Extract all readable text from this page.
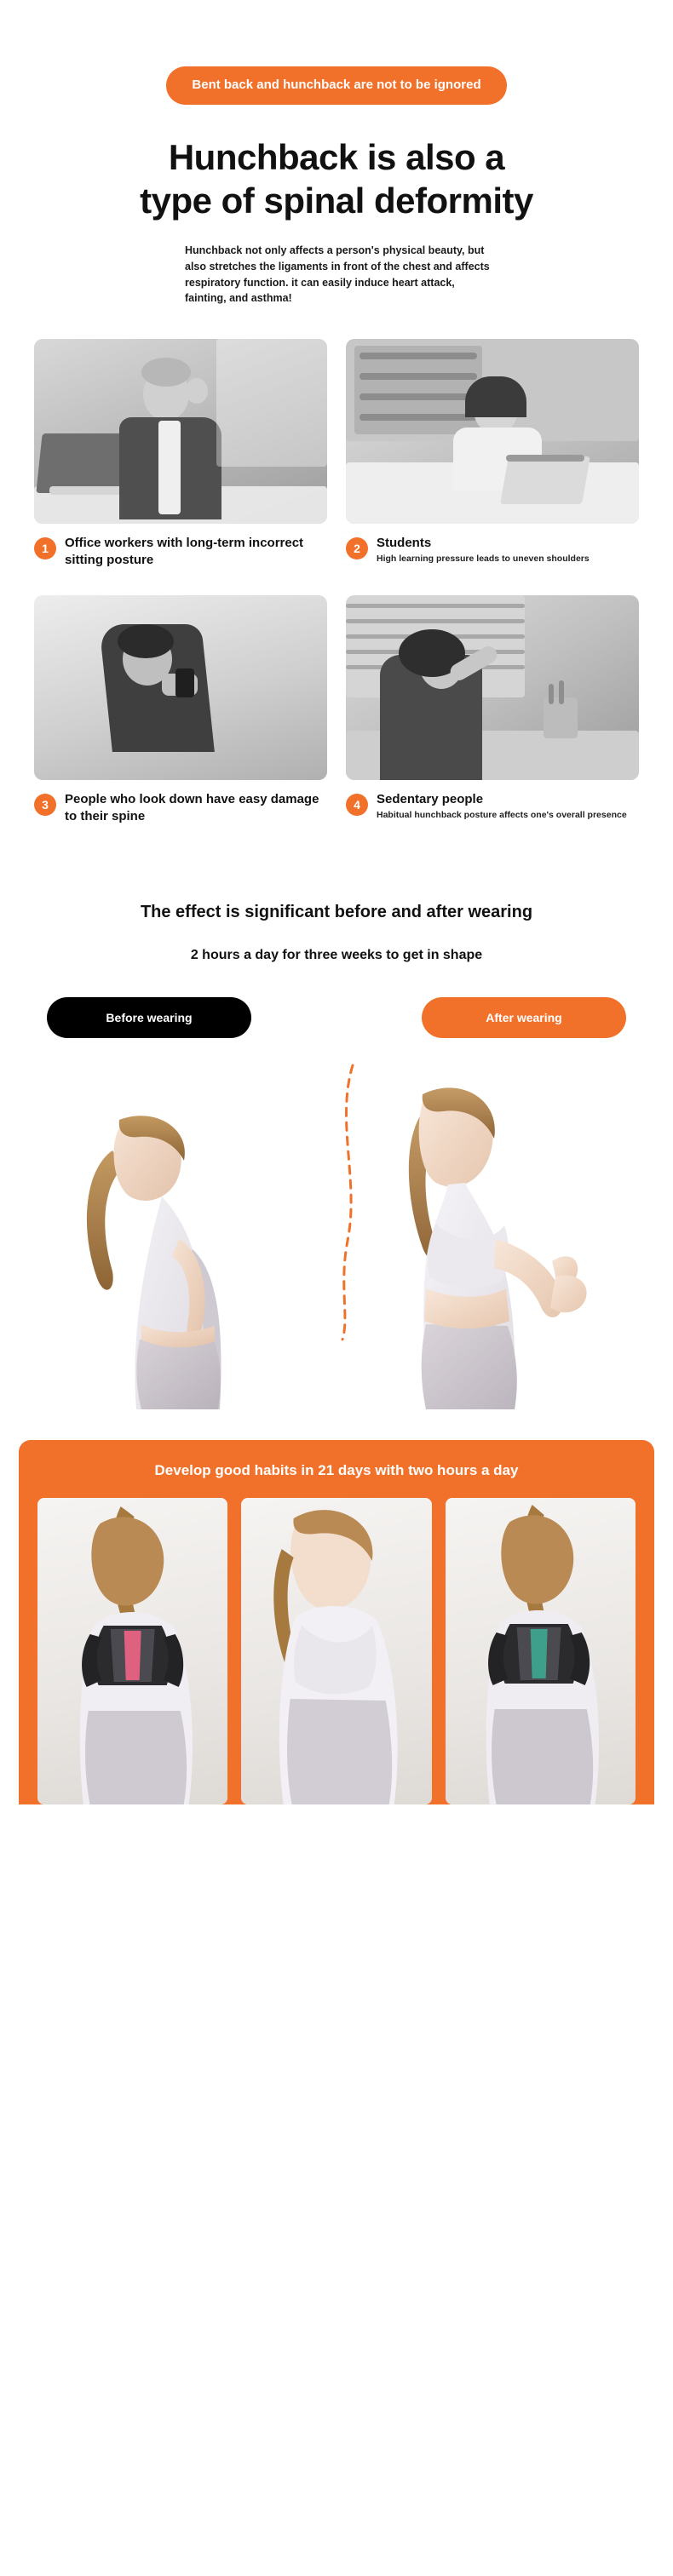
Bent back and hunchback are not to be ignored
Hunchback is also a
type of spinal deformity
Hunchback not only affects a person's physical beauty, but also stretches the ligaments in front of the chest and affects respiratory function. it can easily induce heart attack, fainting, and asthma!
1	Office workers with long-term incorrect sitting posture
2	Students
High learning pressure leads to uneven shoulders
3	People who look down have easy damage to their spine
4	Sedentary people
Habitual hunchback posture affects one's overall presence
The effect is significant before and after wearing
2 hours a day for three weeks to get in shape
Before wearing	After wearing
Develop good habits in 21 days with two hours a day
